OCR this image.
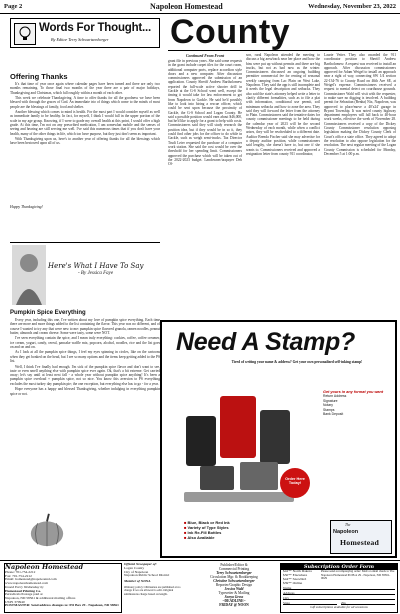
Page 2	Napoleon Homestead	Wednesday, November 23, 2022
Words For Thought...
By Editor Terry Schwartzenberger County
Offering Thanks

It's that time of year once again where calendar pages have been turned and there are only two months remaining. To those final two months of the year there are a pair of major holidays, Thanksgiving and Christmas, which fall roughly within a month of each other.

This week we celebrate Thanksgiving. A time to offer thanks for all the goodness we have been blessed with through the graces of God. An immediate trio of things which come to the minds of most people are the blessings of family, food and shelter.

Another blessing which comes to mind is health. For the most part I would consider myself as well as immediate family to be healthy. In fact, for myself, I think I would fall in the upper portion of the scale in my age group. Knowing, if I were to grade my overall health at this point, I would offer a high grade. At this time, I'm not on any prescribed medication, I am somewhat mobile and the senses of seeing and hearing are still serving me well. I've said this numerous times that if you don't have your health, many of the other things in life, which too have purpose, but they just don't seem as important.

With Thanksgiving upon us, here's to another year of offering thanks for all the blessings which have been bestowed upon all of us.

Happy Thanksgiving!
Here's What I Have To Say
- By Jessica Faye
Pumpkin Spice Everything

Every year, including this one, I've written about my love of pumpkin spice everything. Each time there are more and more things added to the list containing the flavor. This year was no different, and of course I wanted to try any that were new to me: pumpkin spice flavored granola, ramen noodles, peanut butter, almonds and cream cheese. Some were tasty, some were NOT.

I've seen everything contain the spice, and I mean truly everything: cookies, coffee, coffee creamer, ice cream, yogurt, candy, cereal, pancake waffle mix, popcorn, alcohol, noodles, rice and the list goes on and on and on.

As I look at all the pumpkin spice things, I feel my eyes spinning in circles, like on the cartoons when they get bonked on the head, but I see so many options and the items keep getting added to the PS list.

Well, I think I've finally had enough. I'm sick of the pumpkin spice flavor and don't want to see, taste or even smell anything else with pumpkin spice ever again. Ok, that's a bit extreme. Get carried away; let's say until at least next fall - a whole year without pumpkin spice anything! It's been a pumpkin spice overload + pumpkin spice, not so nice. You know this aversion to PS everything excludes the most turkey day pumpkin pie; the one exception, but everything else has to go - for a year.

Hope everyone has a happy and blessed Thanksgiving, whether indulging in everything pumpkin spice or not.

Continued From Front
grant file in previous years. She said some requests in the grant include carpet tiles for the court room, additional computer ports, replace accordion style doors and a new computer. After discussion commissioners approved the submission of an application. County Sheriff Andrew Bartholomew reported the full-scale active shooter drill in Gackle at the G-S School went well, except the timing it would take for law enforcement to get from Napoleon to Gackle. He said he'd possibly like to look into hiring a rescue officer, which could be sent upon because the proximity of Gackle, the G-S School and Logan County. He said a possible position would earn about $46,000, but he'd like to apply for a grant to help with costs. Commissioners said they will study research the position idea, but if they would be in so it, they could find other jobs for the officer to do while in Gackle, such as weigh semi-trucks. Tax Director Trudi Leier requested the purchase of a computer work station. She said the cost would be over the threshold for her spending limit. Commissioners approved the purchase which will be taken out of the 2022-2023 budget. Landowner/taxpayer Deb Ol-
son, rural Napoleon attended the meeting to discuss a big area/track near her place and how the bins were put up without permits and there are big trucks, but not as bad now as the winter. Commissioners discussed an ongoing building permitter commercial fee for renting of seasonal weekly camping from Lac Plain on West Lake, Napoleon. They said the app is still incomplete and it needs the legal description and setbacks. They also said the state's attorney helped write a letter to clarify different formalities, such as to file a plat with information, conditional use permit, soil minimum setbacks and how to zone the area. They said they will forward the letter from the attorney to Plain. Commissioners said the tentative dates for county commissioner meetings to be held during the calendar year of 2023 will be the second Wednesday of each month, while when a conflict arises, they will be rescheduled to a different date. Auditor Brenda Fischer said she may advertise for a deputy auditor position, while commissioners said lengthy, she doesn't have to, but one if she wants to. Commissioners received and approved a resignation letter from county 911 coordinator,
Laurie Vetter. They also awarded the 911 coordinator position to Sheriff Andrew Bartholomew. A request was received to install an approach. After discussion commissioners approved for Adam Weigel to install an approach near a right of way, connecting SW 1/4 section 22-134-76 to County Road on 46th Ave SE, at Weigel's expense. Commissioners received a request to mental detect on courthouse grounds. Commissioner Wald will visit with the requester, to make sure no digging is involved. A building permit for Sebastian (Benha) Nix, Napoleon, was approved to place/move a 40'x24' garage in Bryant Township. It was noted county highway department employees will fall back to 40-hour work weeks, effective the week of November 28. Commissioners received a copy of the Dickey County Commissioner resolution opposing legislation making the Dickey County Clerk of Court's office a state office. They agreed to adopt the resolution to also oppose legislation for the resolution. The next regular meeting of the Logan County Commission is scheduled for Monday, December 5 at 1:00 p.m.
Need A Stamp?
Tired of writing your name & address? Get your own personalized self-inking stamp!
Get yours in any format you want
Return Address
Signature
Notary
Stamps
Bank Deposit
Order Here Today!
■ Blue, Black or Red Ink
■ Variety of Type Styles
■ Ink Re-Fill Bottles
■ Also Available
The
Napoleon
Homestead
Napoleon Homestead
Phone: 701-754-2212
Fax: 701-754-2212
Email: homestead@napoleonnd.com
www.napoleonhomestead.com
Issued Every Wednesday by
Homestead Printing Co.
Periodicals Postage paid at
Napoleon, ND 58561 & additional mailing offices
USPS 370940
POSTMASTER: Send address changes to: PO Box 29 - Napoleon, ND 58561
Official Newspaper of:
Logan County
City of Napoleon
Napoleon Public School District
Member of NDNA
Obituary policy: Obituaries are published at no charge if we are allowed to edit. Original submissions charge based on length.
Publisher/Editor &
Commercial Printing
Terry Schwartzenberger
Circulation Mgr. & Bookkeeping
Christine Schwartzenberger
Reporter/Graphic Design
Jessica Wald
Typesetter & Mailing
Sonya Gross
~DEADLINE~
FRIDAY @ NOON
Subscription Order Form
$42** North Dakota
$50** Elsewhere
$44** Snowbird
$39** Online
Please send accompanying order: Mail or email check to The Napoleon Homestead PO Box 29 - Napoleon, ND 58561-0029
Name
Address
City
State	Zip
Gift subscriptions available for all occasions
